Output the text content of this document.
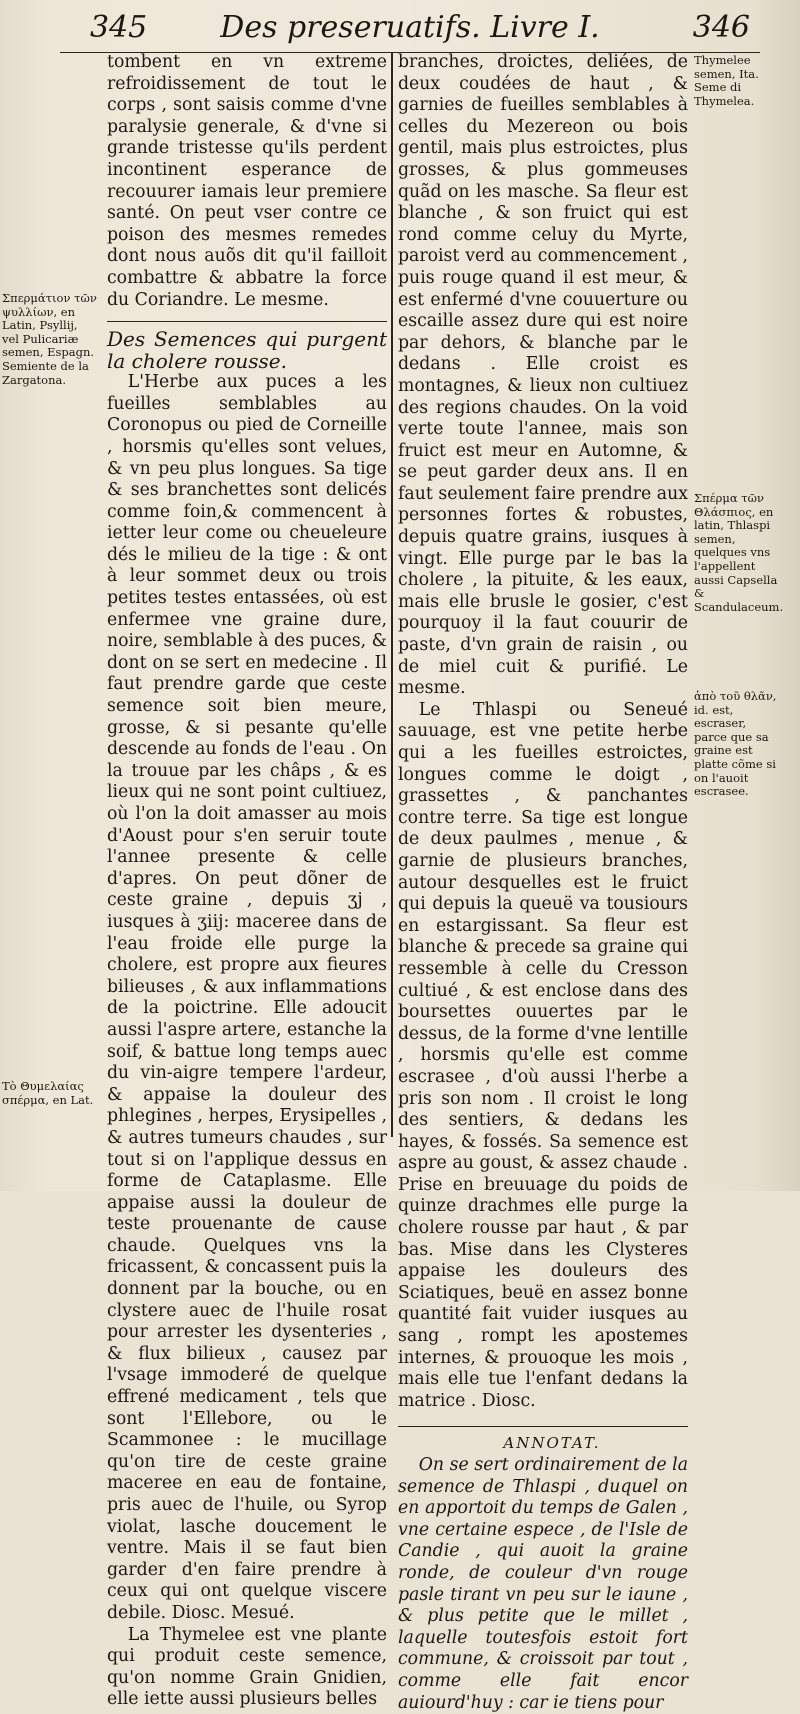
345	Des preseruatifs. Livre I.	346

tombent en vn extreme refroidissement de tout le corps , sont saisis comme d'vne paralysie generale, & d'vne si grande tristesse qu'ils perdent incontinent esperance de recouurer iamais leur premiere santé. On peut vser contre ce poison des mesmes remedes dont nous auõs dit qu'il failloit combattre & abbatre la force du Coriandre. Le mesme.

Des Semences qui purgent la cholere rousse.

L'Herbe aux puces a les fueilles semblables au Coronopus ou pied de Corneille , horsmis qu'elles sont velues, & vn peu plus longues. Sa tige & ses branchettes sont delicés comme foin,& commencent à ietter leur come ou cheueleure dés le milieu de la tige : & ont à leur sommet deux ou trois petites testes entassées, où est enfermee vne graine dure, noire, semblable à des puces, & dont on se sert en medecine . Il faut prendre garde que ceste semence soit bien meure, grosse, & si pesante qu'elle descende au fonds de l'eau . On la trouue par les châps , & es lieux qui ne sont point cultiuez, où l'on la doit amasser au mois d'Aoust pour s'en seruir toute l'annee presente & celle d'apres. On peut dõner de ceste graine , depuis ʒj , iusques à ʒiij: maceree dans de l'eau froide elle purge la cholere, est propre aux fieures bilieuses , & aux inflammations de la poictrine. Elle adoucit aussi l'aspre artere, estanche la soif, & battue long temps auec du vin-aigre tempere l'ardeur, & appaise la douleur des phlegines , herpes, Erysipelles , & autres tumeurs chaudes , sur tout si on l'applique dessus en forme de Cataplasme. Elle appaise aussi la douleur de teste prouenante de cause chaude. Quelques vns la fricassent, & concassent puis la donnent par la bouche, ou en clystere auec de l'huile rosat pour arrester les dysenteries , & flux bilieux , causez par l'vsage immoderé de quelque effrené medicament , tels que sont l'Ellebore, ou le Scammonee : le mucillage qu'on tire de ceste graine maceree en eau de fontaine, pris auec de l'huile, ou Syrop violat, lasche doucement le ventre. Mais il se faut bien garder d'en faire prendre à ceux qui ont quelque viscere debile. Diosc. Mesué.

La Thymelee est vne plante qui produit ceste semence, qu'on nomme Grain Gnidien, elle iette aussi plusieurs belles

branches, droictes, deliées, de deux coudées de haut , & garnies de fueilles semblables à celles du Mezereon ou bois gentil, mais plus estroictes, plus grosses, & plus gommeuses quãd on les masche. Sa fleur est blanche , & son fruict qui est rond comme celuy du Myrte, paroist verd au commencement , puis rouge quand il est meur, & est enfermé d'vne couuerture ou escaille assez dure qui est noire par dehors, & blanche par le dedans . Elle croist es montagnes, & lieux non cultiuez des regions chaudes. On la void verte toute l'annee, mais son fruict est meur en Automne, & se peut garder deux ans. Il en faut seulement faire prendre aux personnes fortes & robustes, depuis quatre grains, iusques à vingt. Elle purge par le bas la cholere , la pituite, & les eaux, mais elle brusle le gosier, c'est pourquoy il la faut couurir de paste, d'vn grain de raisin , ou de miel cuit & purifié. Le mesme.

Le Thlaspi ou Seneué sauuage, est vne petite herbe qui a les fueilles estroictes, longues comme le doigt , grassettes , & panchantes contre terre. Sa tige est longue de deux paulmes , menue , & garnie de plusieurs branches, autour desquelles est le fruict qui depuis la queuë va tousiours en estargissant. Sa fleur est blanche & precede sa graine qui ressemble à celle du Cresson cultiué , & est enclose dans des boursettes ouuertes par le dessus, de la forme d'vne lentille , horsmis qu'elle est comme escrasee , d'où aussi l'herbe a pris son nom . Il croist le long des sentiers, & dedans les hayes, & fossés. Sa semence est aspre au goust, & assez chaude . Prise en breuuage du poids de quinze drachmes elle purge la cholere rousse par haut , & par bas. Mise dans les Clysteres appaise les douleurs des Sciatiques, beuë en assez bonne quantité fait vuider iusques au sang , rompt les apostemes internes, & prouoque les mois , mais elle tue l'enfant dedans la matrice . Diosc.

ANNOTAT.

On se sert ordinairement de la semence de Thlaspi , duquel on en apportoit du temps de Galen , vne certaine espece , de l'Isle de Candie , qui auoit la graine ronde, de couleur d'vn rouge pasle tirant vn peu sur le iaune , & plus petite que le millet , laquelle toutesfois estoit fort commune, & croissoit par tout , comme elle fait encor auiourd'huy : car ie tiens pour

Σπερμάτιον τῶν ψυλλίων, en Latin, Psyllij, vel Pulicariæ semen, Espagn. Semiente de la Zargatona.
Τὸ Θυμελαίας σπέρμα, en Lat.
Thymelee semen, Ita. Seme di Thymelea.
Σπέρμα τῶν Θλάσπιος, en latin, Thlaspi semen, quelques vns l'appellent aussi Capsella & Scandulaceum.
ἀπὸ τοῦ θλᾶν, id. est, escraser, parce que sa graine est platte cõme si on l'auoit escrasee.
